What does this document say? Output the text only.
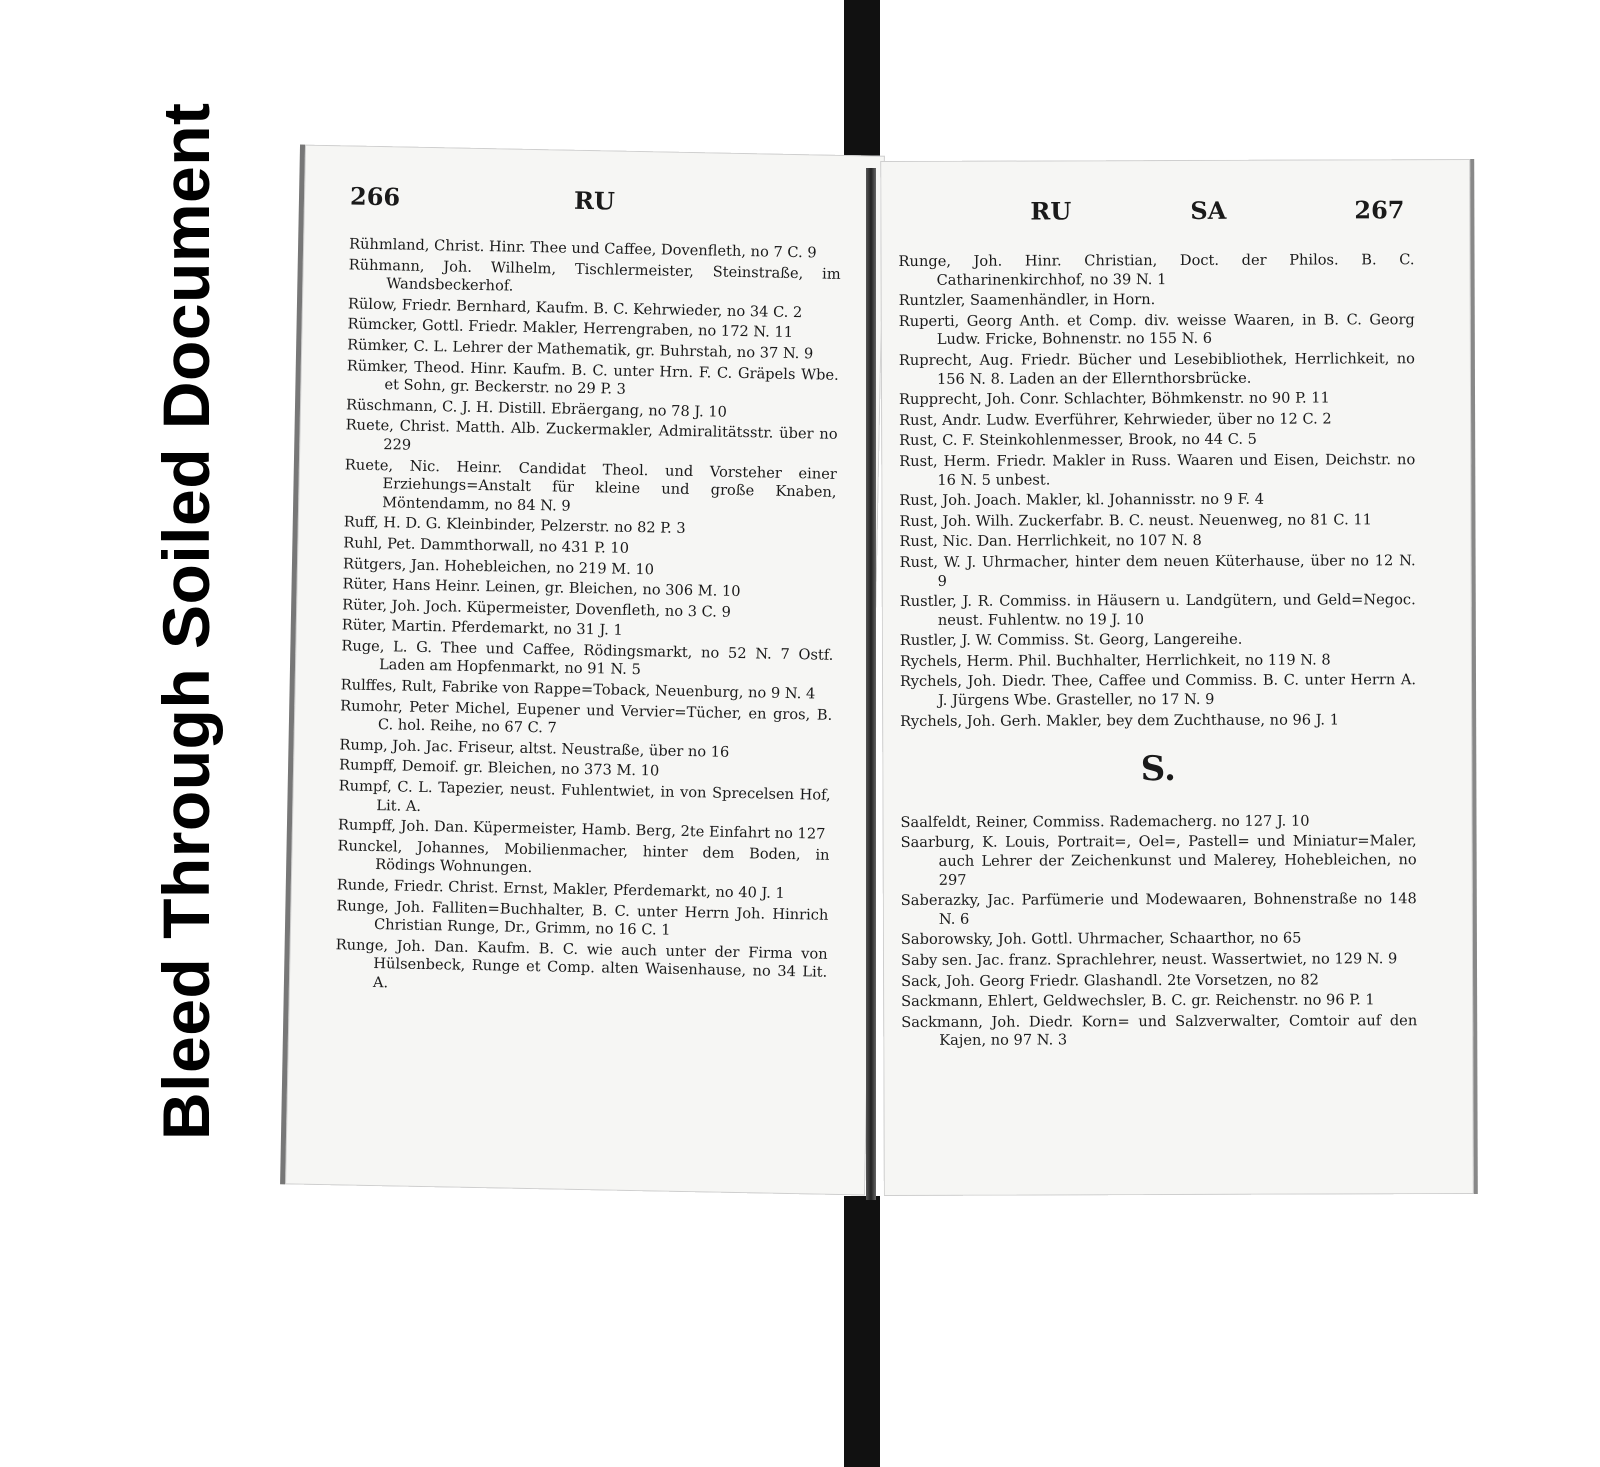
Bleed Through Soiled Document	266	RU
Rühmland, Christ. Hinr. Thee und Caffee, Dovenfleth, no 7 C. 9
Rühmann, Joh. Wilhelm, Tischlermeister, Steinstraße, im Wandsbeckerhof.
Rülow, Friedr. Bernhard, Kaufm. B. C. Kehrwieder, no 34 C. 2
Rümcker, Gottl. Friedr. Makler, Herrengraben, no 172 N. 11
Rümker, C. L. Lehrer der Mathematik, gr. Buhrstah, no 37 N. 9
Rümker, Theod. Hinr. Kaufm. B. C. unter Hrn. F. C. Gräpels Wbe. et Sohn, gr. Beckerstr. no 29 P. 3
Rüschmann, C. J. H. Distill. Ebräergang, no 78 J. 10
Ruete, Christ. Matth. Alb. Zuckermakler, Admiralitätsstr. über no 229
Ruete, Nic. Heinr. Candidat Theol. und Vorsteher einer Erziehungs=Anstalt für kleine und große Knaben, Möntendamm, no 84 N. 9
Ruff, H. D. G. Kleinbinder, Pelzerstr. no 82 P. 3
Ruhl, Pet. Dammthorwall, no 431 P. 10
Rütgers, Jan. Hohebleichen, no 219 M. 10
Rüter, Hans Heinr. Leinen, gr. Bleichen, no 306 M. 10
Rüter, Joh. Joch. Küpermeister, Dovenfleth, no 3 C. 9
Rüter, Martin. Pferdemarkt, no 31 J. 1
Ruge, L. G. Thee und Caffee, Rödingsmarkt, no 52 N. 7 Ostf. Laden am Hopfenmarkt, no 91 N. 5
Rulffes, Rult, Fabrike von Rappe=Toback, Neuenburg, no 9 N. 4
Rumohr, Peter Michel, Eupener und Vervier=Tücher, en gros, B. C. hol. Reihe, no 67 C. 7
Rump, Joh. Jac. Friseur, altst. Neustraße, über no 16
Rumpff, Demoif. gr. Bleichen, no 373 M. 10
Rumpf, C. L. Tapezier, neust. Fuhlentwiet, in von Sprecelsen Hof, Lit. A.
Rumpff, Joh. Dan. Küpermeister, Hamb. Berg, 2te Einfahrt no 127
Runckel, Johannes, Mobilienmacher, hinter dem Boden, in Rödings Wohnungen.
Runde, Friedr. Christ. Ernst, Makler, Pferdemarkt, no 40 J. 1
Runge, Joh. Falliten=Buchhalter, B. C. unter Herrn Joh. Hinrich Christian Runge, Dr., Grimm, no 16 C. 1
Runge, Joh. Dan. Kaufm. B. C. wie auch unter der Firma von Hülsenbeck, Runge et Comp. alten Waisenhause, no 34 Lit. A.
RU	SA	267
Runge, Joh. Hinr. Christian, Doct. der Philos. B. C. Catharinenkirchhof, no 39 N. 1
Runtzler, Saamenhändler, in Horn.
Ruperti, Georg Anth. et Comp. div. weisse Waaren, in B. C. Georg Ludw. Fricke, Bohnenstr. no 155 N. 6
Ruprecht, Aug. Friedr. Bücher und Lesebibliothek, Herrlichkeit, no 156 N. 8. Laden an der Ellernthorsbrücke.
Rupprecht, Joh. Conr. Schlachter, Böhmkenstr. no 90 P. 11
Rust, Andr. Ludw. Everführer, Kehrwieder, über no 12 C. 2
Rust, C. F. Steinkohlenmesser, Brook, no 44 C. 5
Rust, Herm. Friedr. Makler in Russ. Waaren und Eisen, Deichstr. no 16 N. 5 unbest.
Rust, Joh. Joach. Makler, kl. Johannisstr. no 9 F. 4
Rust, Joh. Wilh. Zuckerfabr. B. C. neust. Neuenweg, no 81 C. 11
Rust, Nic. Dan. Herrlichkeit, no 107 N. 8
Rust, W. J. Uhrmacher, hinter dem neuen Küterhause, über no 12 N. 9
Rustler, J. R. Commiss. in Häusern u. Landgütern, und Geld=Negoc. neust. Fuhlentw. no 19 J. 10
Rustler, J. W. Commiss. St. Georg, Langereihe.
Rychels, Herm. Phil. Buchhalter, Herrlichkeit, no 119 N. 8
Rychels, Joh. Diedr. Thee, Caffee und Commiss. B. C. unter Herrn A. J. Jürgens Wbe. Grasteller, no 17 N. 9
Rychels, Joh. Gerh. Makler, bey dem Zuchthause, no 96 J. 1
S.
Saalfeldt, Reiner, Commiss. Rademacherg. no 127 J. 10
Saarburg, K. Louis, Portrait=, Oel=, Pastell= und Miniatur=Maler, auch Lehrer der Zeichenkunst und Malerey, Hohebleichen, no 297
Saberazky, Jac. Parfümerie und Modewaaren, Bohnenstraße no 148 N. 6
Saborowsky, Joh. Gottl. Uhrmacher, Schaarthor, no 65
Saby sen. Jac. franz. Sprachlehrer, neust. Wassertwiet, no 129 N. 9
Sack, Joh. Georg Friedr. Glashandl. 2te Vorsetzen, no 82
Sackmann, Ehlert, Geldwechsler, B. C. gr. Reichenstr. no 96 P. 1
Sackmann, Joh. Diedr. Korn= und Salzverwalter, Comtoir auf den Kajen, no 97 N. 3
